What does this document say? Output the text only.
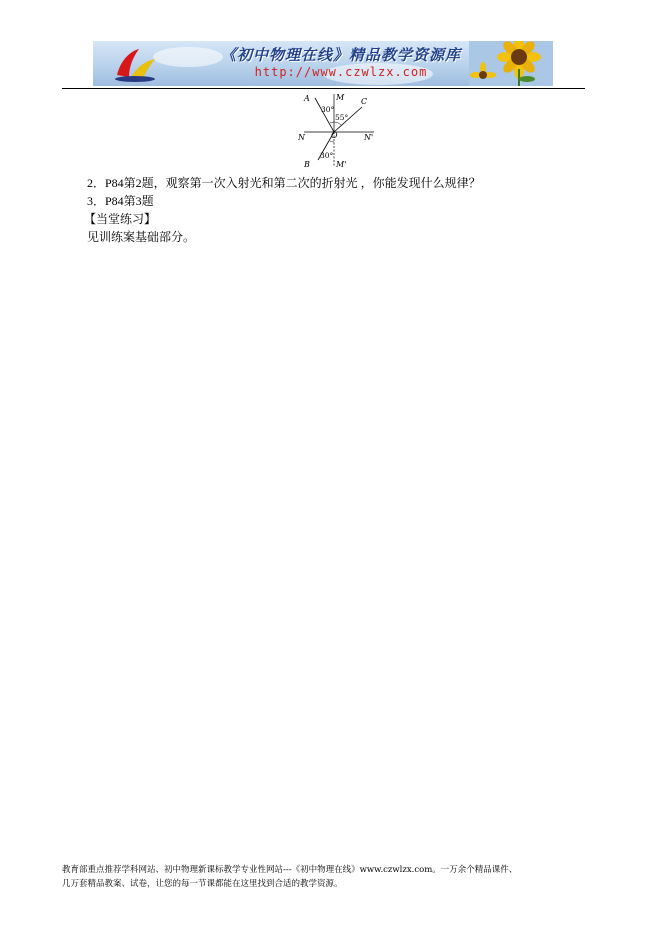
《初中物理在线》精品教学资源库
http://www.czwlzx.com
A	M C
N	O	N'
B	M'
30°
55°
30°
2．P84第2题，观察第一次入射光和第二次的折射光 ，你能发现什么规律？
3．P84第3题
【当堂练习】
见训练案基础部分。
教育部重点推荐学科网站、初中物理新课标教学专业性网站---《初中物理在线》www.czwlzx.com。一万余个精品课件、
几万套精品教案、试卷，让您的每一节课都能在这里找到合适的教学资源。
